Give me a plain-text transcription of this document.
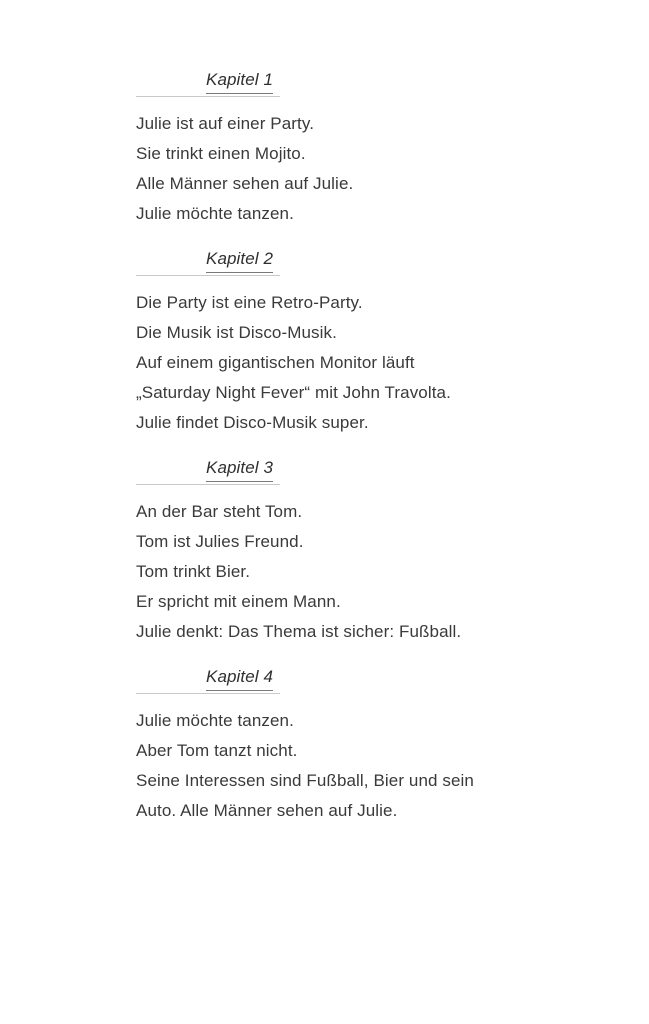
Kapitel 1
Julie ist auf einer Party.
Sie trinkt einen Mojito.
Alle Männer sehen auf Julie.
Julie möchte tanzen.
Kapitel 2
Die Party ist eine Retro-Party.
Die Musik ist Disco-Musik.
Auf einem gigantischen Monitor läuft
„Saturday Night Fever“ mit John Travolta.
Julie findet Disco-Musik super.
Kapitel 3
An der Bar steht Tom.
Tom ist Julies Freund.
Tom trinkt Bier.
Er spricht mit einem Mann.
Julie denkt: Das Thema ist sicher: Fußball.
Kapitel 4
Julie möchte tanzen.
Aber Tom tanzt nicht.
Seine Interessen sind Fußball, Bier und sein
Auto. Alle Männer sehen auf Julie.
